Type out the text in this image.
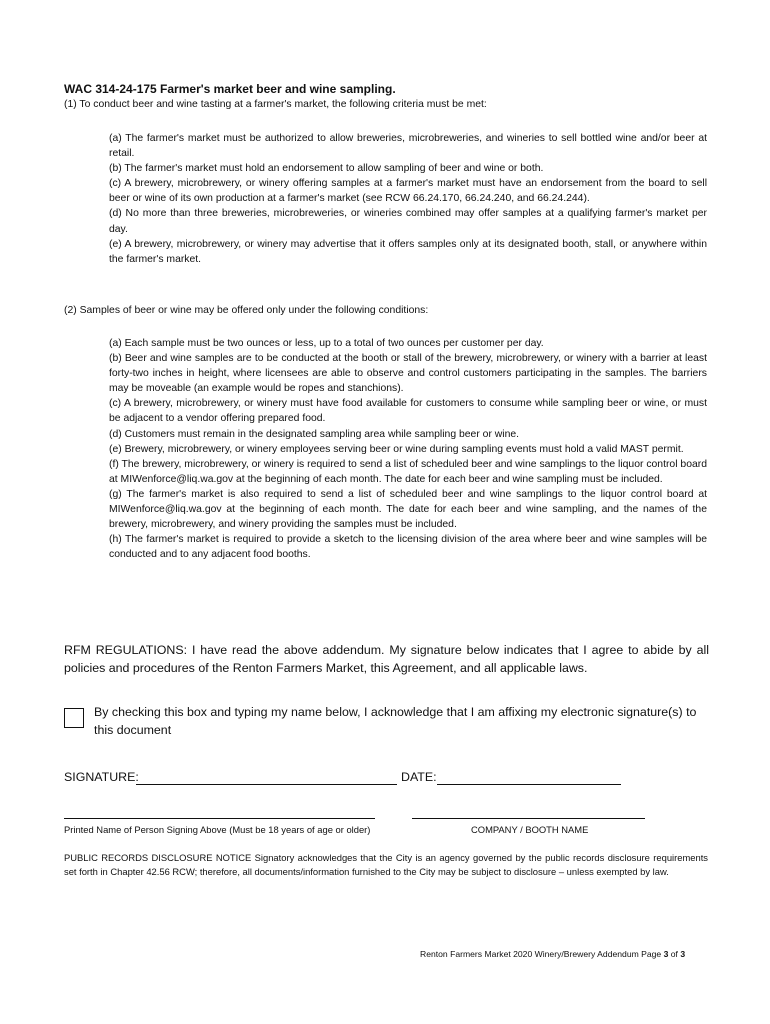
WAC 314-24-175 Farmer's market beer and wine sampling.
(1) To conduct beer and wine tasting at a farmer's market, the following criteria must be met:

(a) The farmer's market must be authorized to allow breweries, microbreweries, and wineries to sell bottled wine and/or beer at retail.

(b) The farmer's market must hold an endorsement to allow sampling of beer and wine or both.

(c) A brewery, microbrewery, or winery offering samples at a farmer's market must have an endorsement from the board to sell beer or wine of its own production at a farmer's market (see RCW 66.24.170, 66.24.240, and 66.24.244).

(d) No more than three breweries, microbreweries, or wineries combined may offer samples at a qualifying farmer's market per day.

(e) A brewery, microbrewery, or winery may advertise that it offers samples only at its designated booth, stall, or anywhere within the farmer's market.

(2) Samples of beer or wine may be offered only under the following conditions:

(a) Each sample must be two ounces or less, up to a total of two ounces per customer per day.

(b) Beer and wine samples are to be conducted at the booth or stall of the brewery, microbrewery, or winery with a barrier at least forty-two inches in height, where licensees are able to observe and control customers participating in the samples. The barriers may be moveable (an example would be ropes and stanchions).

(c) A brewery, microbrewery, or winery must have food available for customers to consume while sampling beer or wine, or must be adjacent to a vendor offering prepared food.

(d) Customers must remain in the designated sampling area while sampling beer or wine.

(e) Brewery, microbrewery, or winery employees serving beer or wine during sampling events must hold a valid MAST permit.

(f) The brewery, microbrewery, or winery is required to send a list of scheduled beer and wine samplings to the liquor control board at MIWenforce@liq.wa.gov at the beginning of each month. The date for each beer and wine sampling must be included.

(g) The farmer's market is also required to send a list of scheduled beer and wine samplings to the liquor control board at MIWenforce@liq.wa.gov at the beginning of each month. The date for each beer and wine sampling, and the names of the brewery, microbrewery, and winery providing the samples must be included.

(h) The farmer's market is required to provide a sketch to the licensing division of the area where beer and wine samples will be conducted and to any adjacent food booths.

RFM REGULATIONS: I have read the above addendum. My signature below indicates that I agree to abide by all policies and procedures of the Renton Farmers Market, this Agreement, and all applicable laws.
By checking this box and typing my name below, I acknowledge that I am affixing my electronic signature(s) to this document
SIGNATURE:	DATE:
Printed Name of Person Signing Above (Must be 18 years of age or older)	COMPANY / BOOTH NAME
PUBLIC RECORDS DISCLOSURE NOTICE Signatory acknowledges that the City is an agency governed by the public records disclosure requirements set forth in Chapter 42.56 RCW; therefore, all documents/information furnished to the City may be subject to disclosure – unless exempted by law.
Renton Farmers Market 2020 Winery/Brewery Addendum Page 3 of 3
